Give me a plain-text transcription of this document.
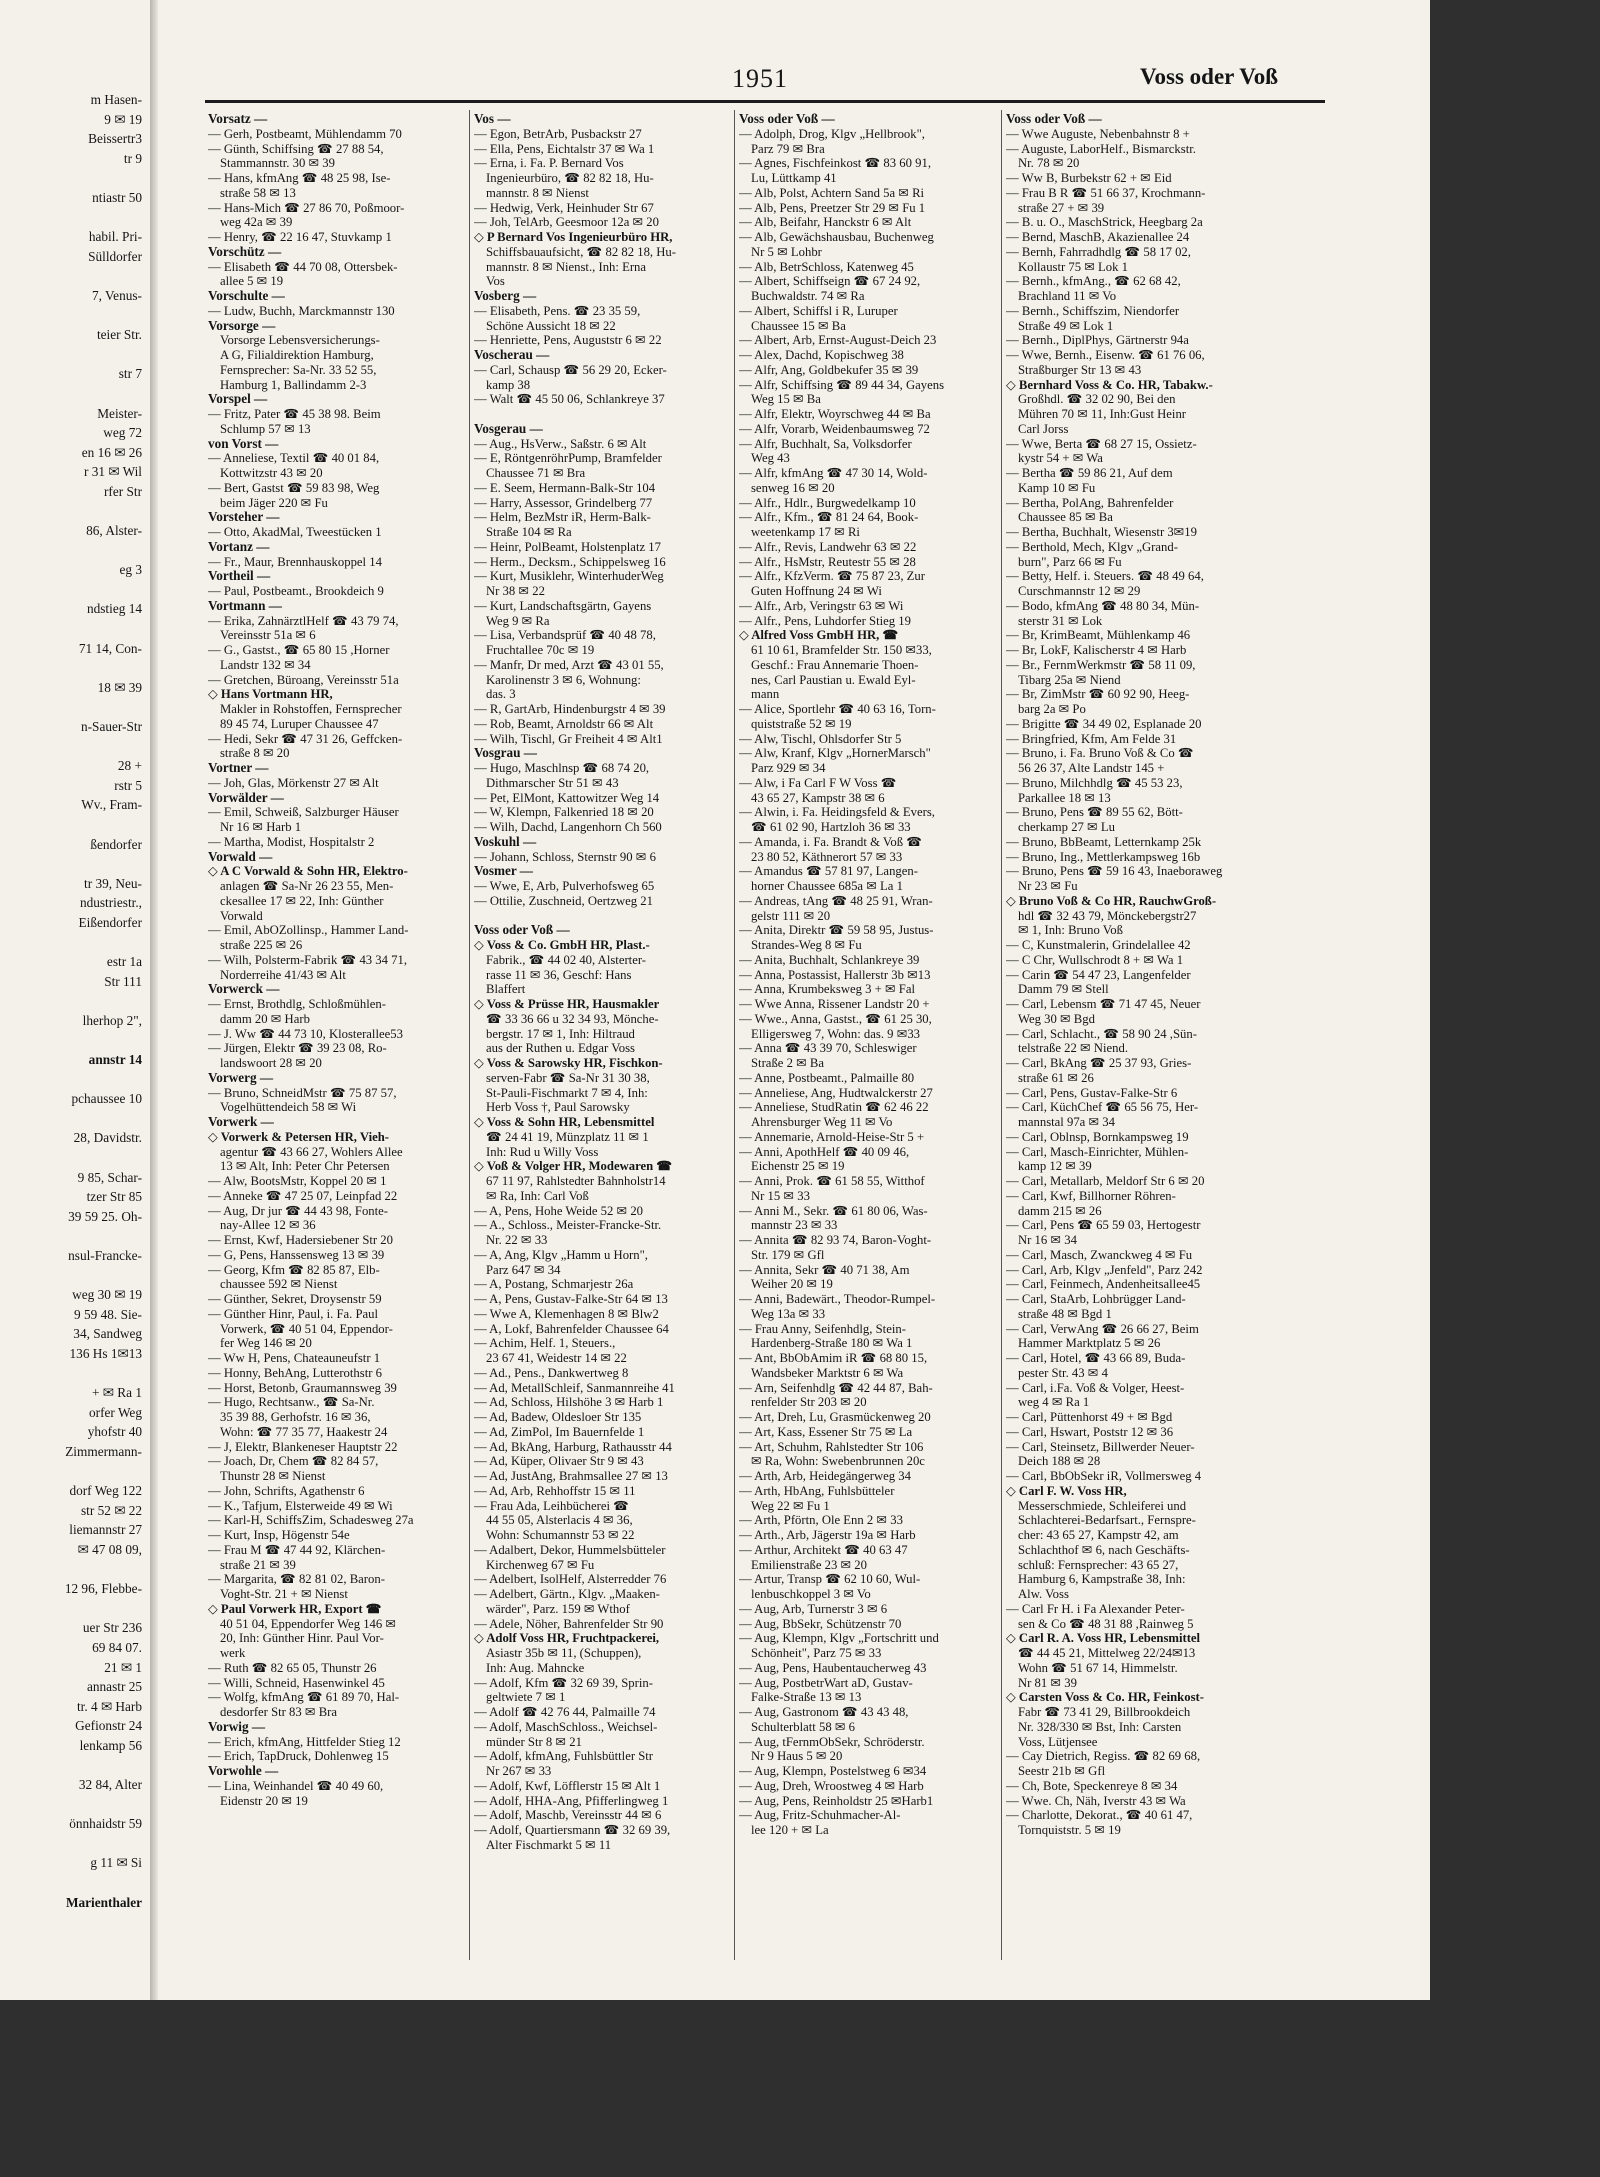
m Hasen-
9 ✉ 19
Beissertr3
tr 9

ntiastr 50

habil. Pri-
Sülldorfer

7, Venus-

teier Str.

str 7

Meister-
weg 72
en 16 ✉ 26
r 31 ✉ Wil
rfer Str

86, Alster-

eg 3

ndstieg 14

71 14, Con-

18 ✉ 39

n-Sauer-Str

28 +
rstr 5
Wv., Fram-

ßendorfer

tr 39, Neu-
ndustriestr.,
Eißendorfer

estr 1a
Str 111

lherhop 2",

annstr 14

pchaussee 10

28, Davidstr.

9 85, Schar-
tzer Str 85
39 59 25. Oh-

nsul-Francke-

weg 30 ✉ 19
9 59 48. Sie-
34, Sandweg
136 Hs 1✉13

+ ✉ Ra 1
orfer Weg
yhofstr 40
Zimmermann-

dorf Weg 122
str 52 ✉ 22
liemannstr 27
✉ 47 08 09,

12 96, Flebbe-

uer Str 236
69 84 07.
21 ✉ 1
annastr 25
tr. 4 ✉ Harb
Gefionstr 24
lenkamp 56

32 84, Alter

önnhaidstr 59

g 11 ✉ Si

Marienthaler
1951	Voss oder Voß
Vorsatz —
— Gerh, Postbeamt, Mühlendamm 70
— Günth, Schiffsing ☎ 27 88 54,
Stammannstr. 30 ✉ 39
— Hans, kfmAng ☎ 48 25 98, Ise-
straße 58 ✉ 13
— Hans-Mich ☎ 27 86 70, Poßmoor-
weg 42a ✉ 39
— Henry, ☎ 22 16 47, Stuvkamp 1
Vorschütz —
— Elisabeth ☎ 44 70 08, Ottersbek-
allee 5 ✉ 19
Vorschulte —
— Ludw, Buchh, Marckmannstr 130
Vorsorge —
Vorsorge Lebensversicherungs-
A G, Filialdirektion Hamburg,
Fernsprecher: Sa-Nr. 33 52 55,
Hamburg 1, Ballindamm 2-3
Vorspel —
— Fritz, Pater ☎ 45 38 98. Beim
Schlump 57 ✉ 13
von Vorst —
— Anneliese, Textil ☎ 40 01 84,
Kottwitzstr 43 ✉ 20
— Bert, Gastst ☎ 59 83 98, Weg
beim Jäger 220 ✉ Fu
Vorsteher —
— Otto, AkadMal, Tweestücken 1
Vortanz —
— Fr., Maur, Brennhauskoppel 14
Vortheil —
— Paul, Postbeamt., Brookdeich 9
Vortmann —
— Erika, ZahnärztlHelf ☎ 43 79 74,
Vereinsstr 51a ✉ 6
— G., Gastst., ☎ 65 80 15 ,Horner
Landstr 132 ✉ 34
— Gretchen, Büroang, Vereinsstr 51a
◇ Hans Vortmann HR,
Makler in Rohstoffen, Fernsprecher
89 45 74, Luruper Chaussee 47
— Hedi, Sekr ☎ 47 31 26, Geffcken-
straße 8 ✉ 20
Vortner —
— Joh, Glas, Mörkenstr 27 ✉ Alt
Vorwälder —
— Emil, Schweiß, Salzburger Häuser
Nr 16 ✉ Harb 1
— Martha, Modist, Hospitalstr 2
Vorwald —
◇ A C Vorwald & Sohn HR, Elektro-
anlagen ☎ Sa-Nr 26 23 55, Men-
ckesallee 17 ✉ 22, Inh: Günther
Vorwald
— Emil, AbOZollinsp., Hammer Land-
straße 225 ✉ 26
— Wilh, Polsterm-Fabrik ☎ 43 34 71,
Norderreihe 41/43 ✉ Alt
Vorwerck —
— Ernst, Brothdlg, Schloßmühlen-
damm 20 ✉ Harb
— J. Ww ☎ 44 73 10, Klosterallee53
— Jürgen, Elektr ☎ 39 23 08, Ro-
landswoort 28 ✉ 20
Vorwerg —
— Bruno, SchneidMstr ☎ 75 87 57,
Vogelhüttendeich 58 ✉ Wi
Vorwerk —
◇ Vorwerk & Petersen HR, Vieh-
agentur ☎ 43 66 27, Wohlers Allee
13 ✉ Alt, Inh: Peter Chr Petersen
— Alw, BootsMstr, Koppel 20 ✉ 1
— Anneke ☎ 47 25 07, Leinpfad 22
— Aug, Dr jur ☎ 44 43 98, Fonte-
nay-Allee 12 ✉ 36
— Ernst, Kwf, Hadersiebener Str 20
— G, Pens, Hanssensweg 13 ✉ 39
— Georg, Kfm ☎ 82 85 87, Elb-
chaussee 592 ✉ Nienst
— Günther, Sekret, Droysenstr 59
— Günther Hinr, Paul, i. Fa. Paul
Vorwerk, ☎ 40 51 04, Eppendor-
fer Weg 146 ✉ 20
— Ww H, Pens, Chateauneufstr 1
— Honny, BehAng, Lutterothstr 6
— Horst, Betonb, Graumannsweg 39
— Hugo, Rechtsanw., ☎ Sa-Nr.
35 39 88, Gerhofstr. 16 ✉ 36,
Wohn: ☎ 77 35 77, Haakestr 24
— J, Elektr, Blankeneser Hauptstr 22
— Joach, Dr, Chem ☎ 82 84 57,
Thunstr 28 ✉ Nienst
— John, Schrifts, Agathenstr 6
— K., Tafjum, Elsterweide 49 ✉ Wi
— Karl-H, SchiffsZim, Schadesweg 27a
— Kurt, Insp, Högenstr 54e
— Frau M ☎ 47 44 92, Klärchen-
straße 21 ✉ 39
— Margarita, ☎ 82 81 02, Baron-
Voght-Str. 21 + ✉ Nienst
◇ Paul Vorwerk HR, Export ☎
40 51 04, Eppendorfer Weg 146 ✉
20, Inh: Günther Hinr. Paul Vor-
werk
— Ruth ☎ 82 65 05, Thunstr 26
— Willi, Schneid, Hasenwinkel 45
— Wolfg, kfmAng ☎ 61 89 70, Hal-
desdorfer Str 83 ✉ Bra
Vorwig —
— Erich, kfmAng, Hittfelder Stieg 12
— Erich, TapDruck, Dohlenweg 15
Vorwohle —
— Lina, Weinhandel ☎ 40 49 60,
Eidenstr 20 ✉ 19
Vos —
— Egon, BetrArb, Pusbackstr 27
— Ella, Pens, Eichtalstr 37 ✉ Wa 1
— Erna, i. Fa. P. Bernard Vos
Ingenieurbüro, ☎ 82 82 18, Hu-
mannstr. 8 ✉ Nienst
— Hedwig, Verk, Heinhuder Str 67
— Joh, TelArb, Geesmoor 12a ✉ 20
◇ P Bernard Vos Ingenieurbüro HR,
Schiffsbauaufsicht, ☎ 82 82 18, Hu-
mannstr. 8 ✉ Nienst., Inh: Erna
Vos
Vosberg —
— Elisabeth, Pens. ☎ 23 35 59,
Schöne Aussicht 18 ✉ 22
— Henriette, Pens, Auguststr 6 ✉ 22
Voscherau —
— Carl, Schausp ☎ 56 29 20, Ecker-
kamp 38
— Walt ☎ 45 50 06, Schlankreye 37

Vosgerau —
— Aug., HsVerw., Saßstr. 6 ✉ Alt
— E, RöntgenröhrPump, Bramfelder
Chaussee 71 ✉ Bra
— E. Seem, Hermann-Balk-Str 104
— Harry, Assessor, Grindelberg 77
— Helm, BezMstr iR, Herm-Balk-
Straße 104 ✉ Ra
— Heinr, PolBeamt, Holstenplatz 17
— Herm., Decksm., Schippelsweg 16
— Kurt, Musiklehr, WinterhuderWeg
Nr 38 ✉ 22
— Kurt, Landschaftsgärtn, Gayens
Weg 9 ✉ Ra
— Lisa, Verbandsprüf ☎ 40 48 78,
Fruchtallee 70c ✉ 19
— Manfr, Dr med, Arzt ☎ 43 01 55,
Karolinenstr 3 ✉ 6, Wohnung:
das. 3
— R, GartArb, Hindenburgstr 4 ✉ 39
— Rob, Beamt, Arnoldstr 66 ✉ Alt
— Wilh, Tischl, Gr Freiheit 4 ✉ Alt1
Vosgrau —
— Hugo, Maschlnsp ☎ 68 74 20,
Dithmarscher Str 51 ✉ 43
— Pet, ElMont, Kattowitzer Weg 14
— W, Klempn, Falkenried 18 ✉ 20
— Wilh, Dachd, Langenhorn Ch 560
Voskuhl —
— Johann, Schloss, Sternstr 90 ✉ 6
Vosmer —
— Wwe, E, Arb, Pulverhofsweg 65
— Ottilie, Zuschneid, Oertzweg 21

Voss oder Voß —
◇ Voss & Co. GmbH HR, Plast.-
Fabrik., ☎ 44 02 40, Alsterter-
rasse 11 ✉ 36, Geschf: Hans
Blaffert
◇ Voss & Prüsse HR, Hausmakler
☎ 33 36 66 u 32 34 93, Mönche-
bergstr. 17 ✉ 1, Inh: Hiltraud
aus der Ruthen u. Edgar Voss
◇ Voss & Sarowsky HR, Fischkon-
serven-Fabr ☎ Sa-Nr 31 30 38,
St-Pauli-Fischmarkt 7 ✉ 4, Inh:
Herb Voss †, Paul Sarowsky
◇ Voss & Sohn HR, Lebensmittel
☎ 24 41 19, Münzplatz 11 ✉ 1
Inh: Rud u Willy Voss
◇ Voß & Volger HR, Modewaren ☎
67 11 97, Rahlstedter Bahnholstr14
✉ Ra, Inh: Carl Voß
— A, Pens, Hohe Weide 52 ✉ 20
— A., Schloss., Meister-Francke-Str.
Nr. 22 ✉ 33
— A, Ang, Klgv „Hamm u Horn",
Parz 647 ✉ 34
— A, Postang, Schmarjestr 26a
— A, Pens, Gustav-Falke-Str 64 ✉ 13
— Wwe A, Klemenhagen 8 ✉ Blw2
— A, Lokf, Bahrenfelder Chaussee 64
— Achim, Helf. 1, Steuers.,
23 67 41, Weidestr 14 ✉ 22
— Ad., Pens., Dankwertweg 8
— Ad, MetallSchleif, Sanmannreihe 41
— Ad, Schloss, Hilshöhe 3 ✉ Harb 1
— Ad, Badew, Oldesloer Str 135
— Ad, ZimPol, Im Bauernfelde 1
— Ad, BkAng, Harburg, Rathausstr 44
— Ad, Küper, Olivaer Str 9 ✉ 43
— Ad, JustAng, Brahmsallee 27 ✉ 13
— Ad, Arb, Rehhoffstr 15 ✉ 11
— Frau Ada, Leihbücherei ☎
44 55 05, Alsterlacis 4 ✉ 36,
Wohn: Schumannstr 53 ✉ 22
— Adalbert, Dekor, Hummelsbütteler
Kirchenweg 67 ✉ Fu
— Adelbert, IsolHelf, Alsterredder 76
— Adelbert, Gärtn., Klgv. „Maaken-
wärder", Parz. 159 ✉ Wthof
— Adele, Nöher, Bahrenfelder Str 90
◇ Adolf Voss HR, Fruchtpackerei,
Asiastr 35b ✉ 11, (Schuppen),
Inh: Aug. Mahncke
— Adolf, Kfm ☎ 32 69 39, Sprin-
geltwiete 7 ✉ 1
— Adolf ☎ 42 76 44, Palmaille 74
— Adolf, MaschSchloss., Weichsel-
münder Str 8 ✉ 21
— Adolf, kfmAng, Fuhlsbüttler Str
Nr 267 ✉ 33
— Adolf, Kwf, Löfflerstr 15 ✉ Alt 1
— Adolf, HHA-Ang, Pfifferlingweg 1
— Adolf, Maschb, Vereinsstr 44 ✉ 6
— Adolf, Quartiersmann ☎ 32 69 39,
Alter Fischmarkt 5 ✉ 11
Voss oder Voß —
— Adolph, Drog, Klgv „Hellbrook",
Parz 79 ✉ Bra
— Agnes, Fischfeinkost ☎ 83 60 91,
Lu, Lüttkamp 41
— Alb, Polst, Achtern Sand 5a ✉ Ri
— Alb, Pens, Preetzer Str 29 ✉ Fu 1
— Alb, Beifahr, Hanckstr 6 ✉ Alt
— Alb, Gewächshausbau, Buchenweg
Nr 5 ✉ Lohbr
— Alb, BetrSchloss, Katenweg 45
— Albert, Schiffseign ☎ 67 24 92,
Buchwaldstr. 74 ✉ Ra
— Albert, Schiffsl i R, Luruper
Chaussee 15 ✉ Ba
— Albert, Arb, Ernst-August-Deich 23
— Alex, Dachd, Kopischweg 38
— Alfr, Ang, Goldbekufer 35 ✉ 39
— Alfr, Schiffsing ☎ 89 44 34, Gayens
Weg 15 ✉ Ba
— Alfr, Elektr, Woyrschweg 44 ✉ Ba
— Alfr, Vorarb, Weidenbaumsweg 72
— Alfr, Buchhalt, Sa, Volksdorfer
Weg 43
— Alfr, kfmAng ☎ 47 30 14, Wold-
senweg 16 ✉ 20
— Alfr., Hdlr., Burgwedelkamp 10
— Alfr., Kfm., ☎ 81 24 64, Book-
weetenkamp 17 ✉ Ri
— Alfr., Revis, Landwehr 63 ✉ 22
— Alfr., HsMstr, Reutestr 55 ✉ 28
— Alfr., KfzVerm. ☎ 75 87 23, Zur
Guten Hoffnung 24 ✉ Wi
— Alfr., Arb, Veringstr 63 ✉ Wi
— Alfr., Pens, Luhdorfer Stieg 19
◇ Alfred Voss GmbH HR, ☎
61 10 61, Bramfelder Str. 150 ✉33,
Geschf.: Frau Annemarie Thoen-
nes, Carl Paustian u. Ewald Eyl-
mann
— Alice, Sportlehr ☎ 40 63 16, Torn-
quiststraße 52 ✉ 19
— Alw, Tischl, Ohlsdorfer Str 5
— Alw, Kranf, Klgv „HornerMarsch"
Parz 929 ✉ 34
— Alw, i Fa Carl F W Voss ☎
43 65 27, Kampstr 38 ✉ 6
— Alwin, i. Fa. Heidingsfeld & Evers,
☎ 61 02 90, Hartzloh 36 ✉ 33
— Amanda, i. Fa. Brandt & Voß ☎
23 80 52, Käthnerort 57 ✉ 33
— Amandus ☎ 57 81 97, Langen-
horner Chaussee 685a ✉ La 1
— Andreas, tAng ☎ 48 25 91, Wran-
gelstr 111 ✉ 20
— Anita, Direktr ☎ 59 58 95, Justus-
Strandes-Weg 8 ✉ Fu
— Anita, Buchhalt, Schlankreye 39
— Anna, Postassist, Hallerstr 3b ✉13
— Anna, Krumbeksweg 3 + ✉ Fal
— Wwe Anna, Rissener Landstr 20 +
— Wwe., Anna, Gastst., ☎ 61 25 30,
Elligersweg 7, Wohn: das. 9 ✉33
— Anna ☎ 43 39 70, Schleswiger
Straße 2 ✉ Ba
— Anne, Postbeamt., Palmaille 80
— Anneliese, Ang, Hudtwalckerstr 27
— Anneliese, StudRatin ☎ 62 46 22
Ahrensburger Weg 11 ✉ Vo
— Annemarie, Arnold-Heise-Str 5 +
— Anni, ApothHelf ☎ 40 09 46,
Eichenstr 25 ✉ 19
— Anni, Prok. ☎ 61 58 55, Witthof
Nr 15 ✉ 33
— Anni M., Sekr. ☎ 61 80 06, Was-
mannstr 23 ✉ 33
— Annita ☎ 82 93 74, Baron-Voght-
Str. 179 ✉ Gfl
— Annita, Sekr ☎ 40 71 38, Am
Weiher 20 ✉ 19
— Anni, Badewärt., Theodor-Rumpel-
Weg 13a ✉ 33
— Frau Anny, Seifenhdlg, Stein-
Hardenberg-Straße 180 ✉ Wa 1
— Ant, BbObAmim iR ☎ 68 80 15,
Wandsbeker Marktstr 6 ✉ Wa
— Arn, Seifenhdlg ☎ 42 44 87, Bah-
renfelder Str 203 ✉ 20
— Art, Dreh, Lu, Grasmückenweg 20
— Art, Kass, Essener Str 75 ✉ La
— Art, Schuhm, Rahlstedter Str 106
✉ Ra, Wohn: Swebenbrunnen 20c
— Arth, Arb, Heidegängerweg 34
— Arth, HbAng, Fuhlsbütteler
Weg 22 ✉ Fu 1
— Arth, Pförtn, Ole Enn 2 ✉ 33
— Arth., Arb, Jägerstr 19a ✉ Harb
— Arthur, Architekt ☎ 40 63 47
Emilienstraße 23 ✉ 20
— Artur, Transp ☎ 62 10 60, Wul-
lenbuschkoppel 3 ✉ Vo
— Aug, Arb, Turnerstr 3 ✉ 6
— Aug, BbSekr, Schützenstr 70
— Aug, Klempn, Klgv „Fortschritt und
Schönheit", Parz 75 ✉ 33
— Aug, Pens, Haubentaucherweg 43
— Aug, PostbetrWart aD, Gustav-
Falke-Straße 13 ✉ 13
— Aug, Gastronom ☎ 43 43 48,
Schulterblatt 58 ✉ 6
— Aug, tFernmObSekr, Schröderstr.
Nr 9 Haus 5 ✉ 20
— Aug, Klempn, Postelstweg 6 ✉34
— Aug, Dreh, Wroostweg 4 ✉ Harb
— Aug, Pens, Reinholdstr 25 ✉Harb1
— Aug, Fritz-Schuhmacher-Al-
lee 120 + ✉ La
Voss oder Voß —
— Wwe Auguste, Nebenbahnstr 8 +
— Auguste, LaborHelf., Bismarckstr.
Nr. 78 ✉ 20
— Ww B, Burbekstr 62 + ✉ Eid
— Frau B R ☎ 51 66 37, Krochmann-
straße 27 + ✉ 39
— B. u. O., MaschStrick, Heegbarg 2a
— Bernd, MaschB, Akazienallee 24
— Bernh, Fahrradhdlg ☎ 58 17 02,
Kollaustr 75 ✉ Lok 1
— Bernh., kfmAng., ☎ 62 68 42,
Brachland 11 ✉ Vo
— Bernh., Schiffszim, Niendorfer
Straße 49 ✉ Lok 1
— Bernh., DiplPhys, Gärtnerstr 94a
— Wwe, Bernh., Eisenw. ☎ 61 76 06,
Straßburger Str 13 ✉ 43
◇ Bernhard Voss & Co. HR, Tabakw.-
Großhdl. ☎ 32 02 90, Bei den
Mühren 70 ✉ 11, Inh:Gust Heinr
Carl Jorss
— Wwe, Berta ☎ 68 27 15, Ossietz-
kystr 54 + ✉ Wa
— Bertha ☎ 59 86 21, Auf dem
Kamp 10 ✉ Fu
— Bertha, PolAng, Bahrenfelder
Chaussee 85 ✉ Ba
— Bertha, Buchhalt, Wiesenstr 3✉19
— Berthold, Mech, Klgv „Grand-
burn", Parz 66 ✉ Fu
— Betty, Helf. i. Steuers. ☎ 48 49 64,
Curschmannstr 12 ✉ 29
— Bodo, kfmAng ☎ 48 80 34, Mün-
sterstr 31 ✉ Lok
— Br, KrimBeamt, Mühlenkamp 46
— Br, LokF, Kalischerstr 4 ✉ Harb
— Br., FernmWerkmstr ☎ 58 11 09,
Tibarg 25a ✉ Niend
— Br, ZimMstr ☎ 60 92 90, Heeg-
barg 2a ✉ Po
— Brigitte ☎ 34 49 02, Esplanade 20
— Bringfried, Kfm, Am Felde 31
— Bruno, i. Fa. Bruno Voß & Co ☎
56 26 37, Alte Landstr 145 +
— Bruno, Milchhdlg ☎ 45 53 23,
Parkallee 18 ✉ 13
— Bruno, Pens ☎ 89 55 62, Bött-
cherkamp 27 ✉ Lu
— Bruno, BbBeamt, Letternkamp 25k
— Bruno, Ing., Mettlerkampsweg 16b
— Bruno, Pens ☎ 59 16 43, Inaeboraweg
Nr 23 ✉ Fu
◇ Bruno Voß & Co HR, RauchwGroß-
hdl ☎ 32 43 79, Mönckebergstr27
✉ 1, Inh: Bruno Voß
— C, Kunstmalerin, Grindelallee 42
— C Chr, Wullschrodt 8 + ✉ Wa 1
— Carin ☎ 54 47 23, Langenfelder
Damm 79 ✉ Stell
— Carl, Lebensm ☎ 71 47 45, Neuer
Weg 30 ✉ Bgd
— Carl, Schlacht., ☎ 58 90 24 ,Sün-
telstraße 22 ✉ Niend.
— Carl, BkAng ☎ 25 37 93, Gries-
straße 61 ✉ 26
— Carl, Pens, Gustav-Falke-Str 6
— Carl, KüchChef ☎ 65 56 75, Her-
mannstal 97a ✉ 34
— Carl, Oblnsp, Bornkampsweg 19
— Carl, Masch-Einrichter, Mühlen-
kamp 12 ✉ 39
— Carl, Metallarb, Meldorf Str 6 ✉ 20
— Carl, Kwf, Billhorner Röhren-
damm 215 ✉ 26
— Carl, Pens ☎ 65 59 03, Hertogestr
Nr 16 ✉ 34
— Carl, Masch, Zwanckweg 4 ✉ Fu
— Carl, Arb, Klgv „Jenfeld", Parz 242
— Carl, Feinmech, Andenheitsallee45
— Carl, StaArb, Lohbrügger Land-
straße 48 ✉ Bgd 1
— Carl, VerwAng ☎ 26 66 27, Beim
Hammer Marktplatz 5 ✉ 26
— Carl, Hotel, ☎ 43 66 89, Buda-
pester Str. 43 ✉ 4
— Carl, i.Fa. Voß & Volger, Heest-
weg 4 ✉ Ra 1
— Carl, Püttenhorst 49 + ✉ Bgd
— Carl, Hswart, Poststr 12 ✉ 36
— Carl, Steinsetz, Billwerder Neuer-
Deich 188 ✉ 28
— Carl, BbObSekr iR, Vollmersweg 4
◇ Carl F. W. Voss HR,
Messerschmiede, Schleiferei und
Schlachterei-Bedarfsart., Fernspre-
cher: 43 65 27, Kampstr 42, am
Schlachthof ✉ 6, nach Geschäfts-
schluß: Fernsprecher: 43 65 27,
Hamburg 6, Kampstraße 38, Inh:
Alw. Voss
— Carl Fr H. i Fa Alexander Peter-
sen & Co ☎ 48 31 88 ,Rainweg 5
◇ Carl R. A. Voss HR, Lebensmittel
☎ 44 45 21, Mittelweg 22/24✉13
Wohn ☎ 51 67 14, Himmelstr.
Nr 81 ✉ 39
◇ Carsten Voss & Co. HR, Feinkost-
Fabr ☎ 73 41 29, Billbrookdeich
Nr. 328/330 ✉ Bst, Inh: Carsten
Voss, Lütjensee
— Cay Dietrich, Regiss. ☎ 82 69 68,
Seestr 21b ✉ Gfl
— Ch, Bote, Speckenreye 8 ✉ 34
— Wwe. Ch, Näh, Iverstr 43 ✉ Wa
— Charlotte, Dekorat., ☎ 40 61 47,
Tornquiststr. 5 ✉ 19
